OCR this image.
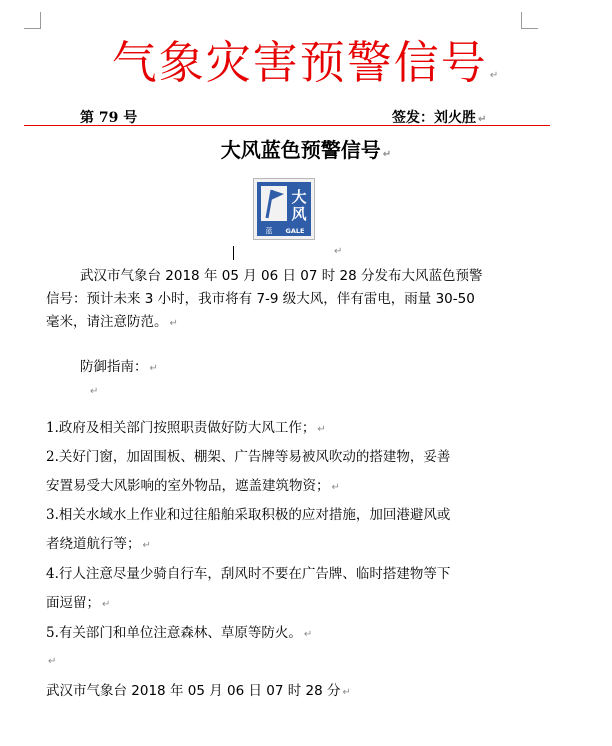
气象灾害预警信号 ↵
第 79 号	签发：刘火胜 ↵
大风蓝色预警信号 ↵
大
风
蓝 GALE
↵
武汉市气象台 2018 年 05 月 06 日 07 时 28 分发布大风蓝色预警
信号：预计未来 3 小时，我市将有 7-9 级大风，伴有雷电，雨量 30-50
毫米，请注意防范。 ↵
防御指南： ↵
↵
1.政府及相关部门按照职责做好防大风工作； ↵
2.关好门窗，加固围板、棚架、广告牌等易被风吹动的搭建物，妥善
安置易受大风影响的室外物品，遮盖建筑物资； ↵
3.相关水域水上作业和过往船舶采取积极的应对措施，加回港避风或
者绕道航行等； ↵
4.行人注意尽量少骑自行车，刮风时不要在广告牌、临时搭建物等下
面逗留； ↵
5.有关部门和单位注意森林、草原等防火。 ↵
↵
武汉市气象台 2018 年 05 月 06 日 07 时 28 分 ↵
